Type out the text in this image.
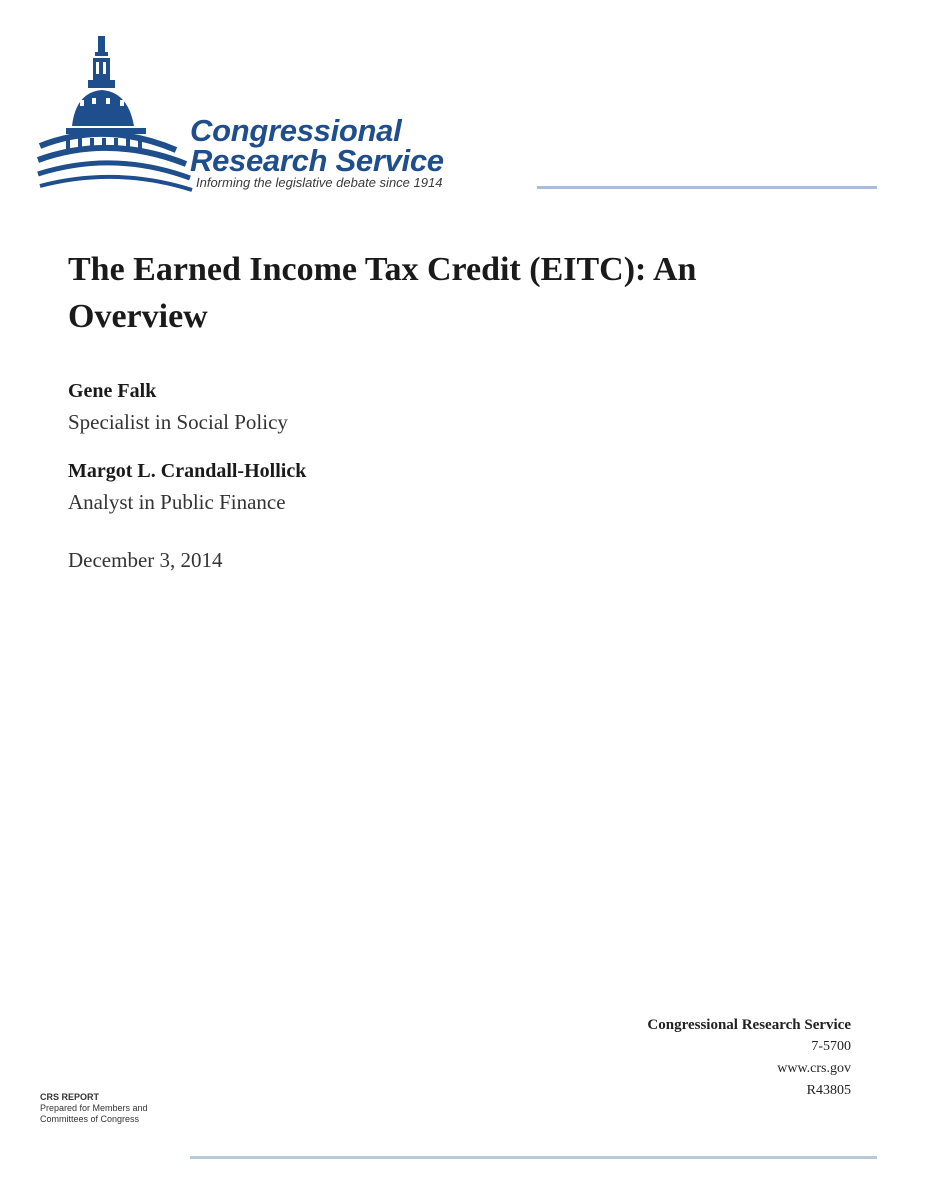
Congressional
Research Service
Informing the legislative debate since 1914
The Earned Income Tax Credit (EITC): An
Overview
Gene Falk
Specialist in Social Policy
Margot L. Crandall-Hollick
Analyst in Public Finance
December 3, 2014
Congressional Research Service
7-5700
www.crs.gov
R43805
CRS REPORT
Prepared for Members and
Committees of Congress
